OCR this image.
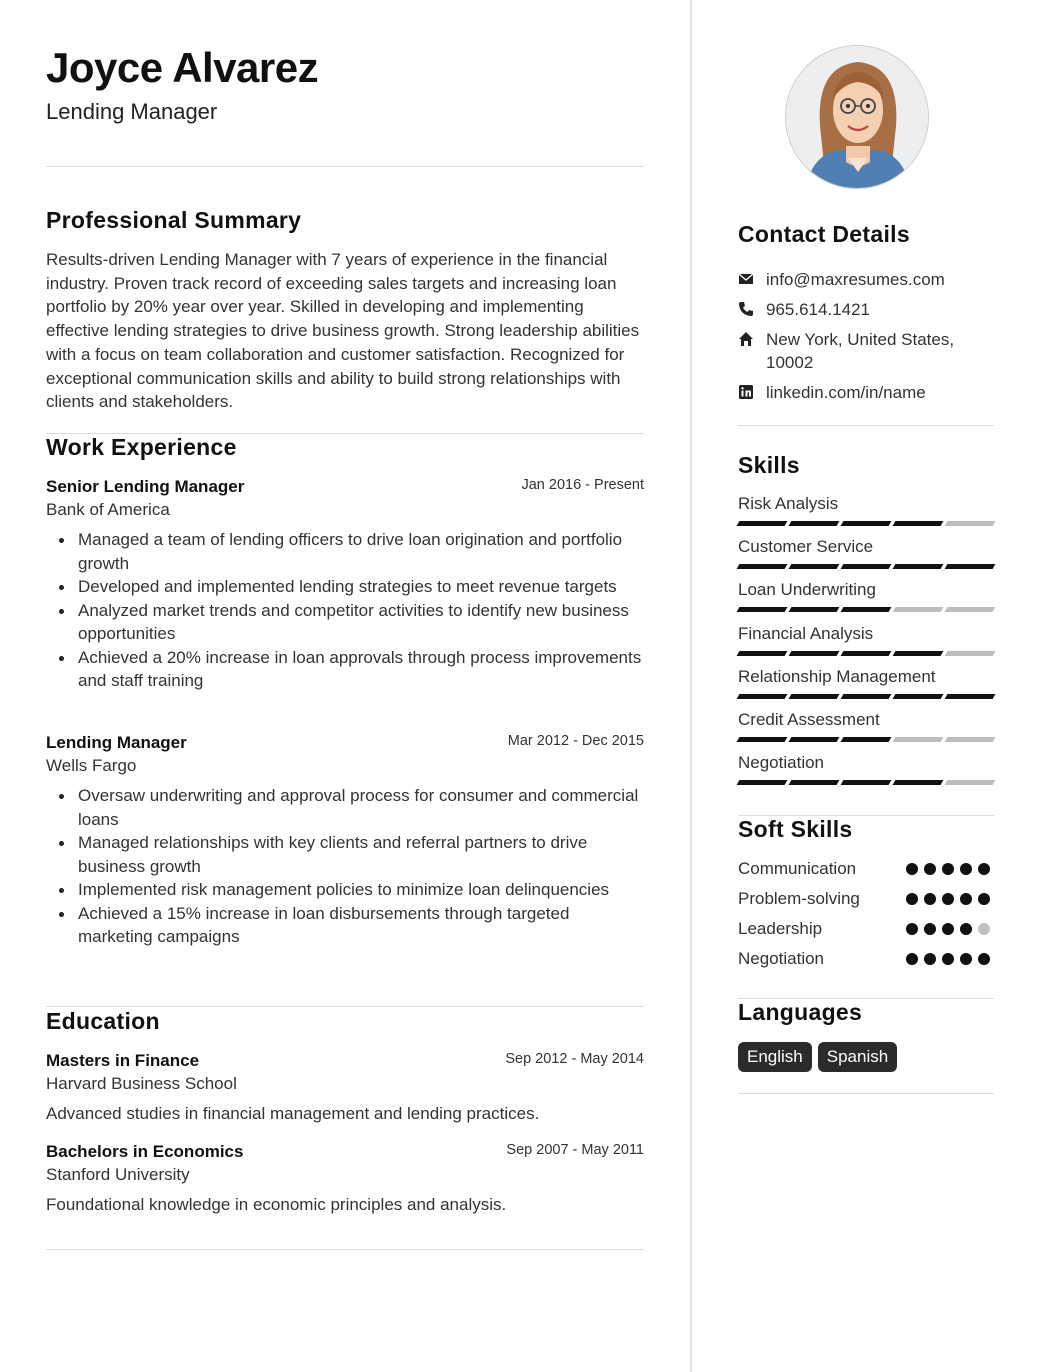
Joyce Alvarez
Lending Manager
Professional Summary

Results-driven Lending Manager with 7 years of experience in the financial industry. Proven track record of exceeding sales targets and increasing loan portfolio by 20% year over year. Skilled in developing and implementing effective lending strategies to drive business growth. Strong leadership abilities with a focus on team collaboration and customer satisfaction. Recognized for exceptional communication skills and ability to build strong relationships with clients and stakeholders.

Work Experience
Senior Lending Manager	Jan 2016 - Present
Bank of America
Managed a team of lending officers to drive loan origination and portfolio growth
Developed and implemented lending strategies to meet revenue targets
Analyzed market trends and competitor activities to identify new business opportunities
Achieved a 20% increase in loan approvals through process improvements and staff training
Lending Manager	Mar 2012 - Dec 2015
Wells Fargo
Oversaw underwriting and approval process for consumer and commercial loans
Managed relationships with key clients and referral partners to drive business growth
Implemented risk management policies to minimize loan delinquencies
Achieved a 15% increase in loan disbursements through targeted marketing campaigns
Education
Masters in Finance	Sep 2012 - May 2014
Harvard Business School
Advanced studies in financial management and lending practices.
Bachelors in Economics	Sep 2007 - May 2011
Stanford University
Foundational knowledge in economic principles and analysis.
Contact Details
info@maxresumes.com
965.614.1421
New York, United States, 10002
linkedin.com/in/name
Skills
Risk Analysis
Customer Service
Loan Underwriting
Financial Analysis
Relationship Management
Credit Assessment
Negotiation
Soft Skills
Communication
Problem-solving
Leadership
Negotiation
Languages
English	Spanish
